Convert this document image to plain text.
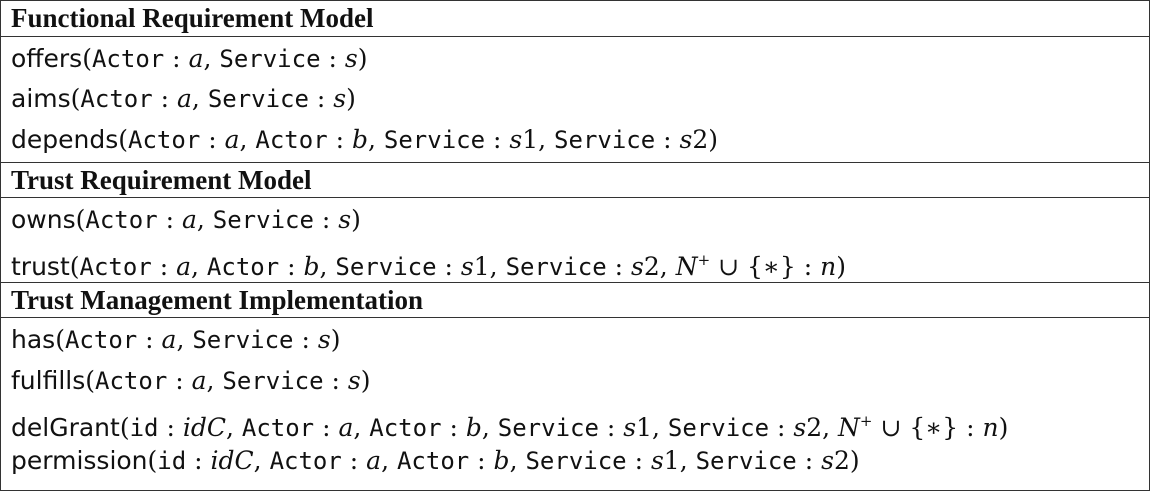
Functional Requirement Model
offers(Actor : a, Service : s)
aims(Actor : a, Service : s)
depends(Actor : a, Actor : b, Service : s1, Service : s2)
Trust Requirement Model
owns(Actor : a, Service : s)
trust(Actor : a, Actor : b, Service : s1, Service : s2, N+ ∪ {∗} : n)
Trust Management Implementation
has(Actor : a, Service : s)
fulfills(Actor : a, Service : s)
delGrant(id : idC, Actor : a, Actor : b, Service : s1, Service : s2, N+ ∪ {∗} : n)
permission(id : idC, Actor : a, Actor : b, Service : s1, Service : s2)
